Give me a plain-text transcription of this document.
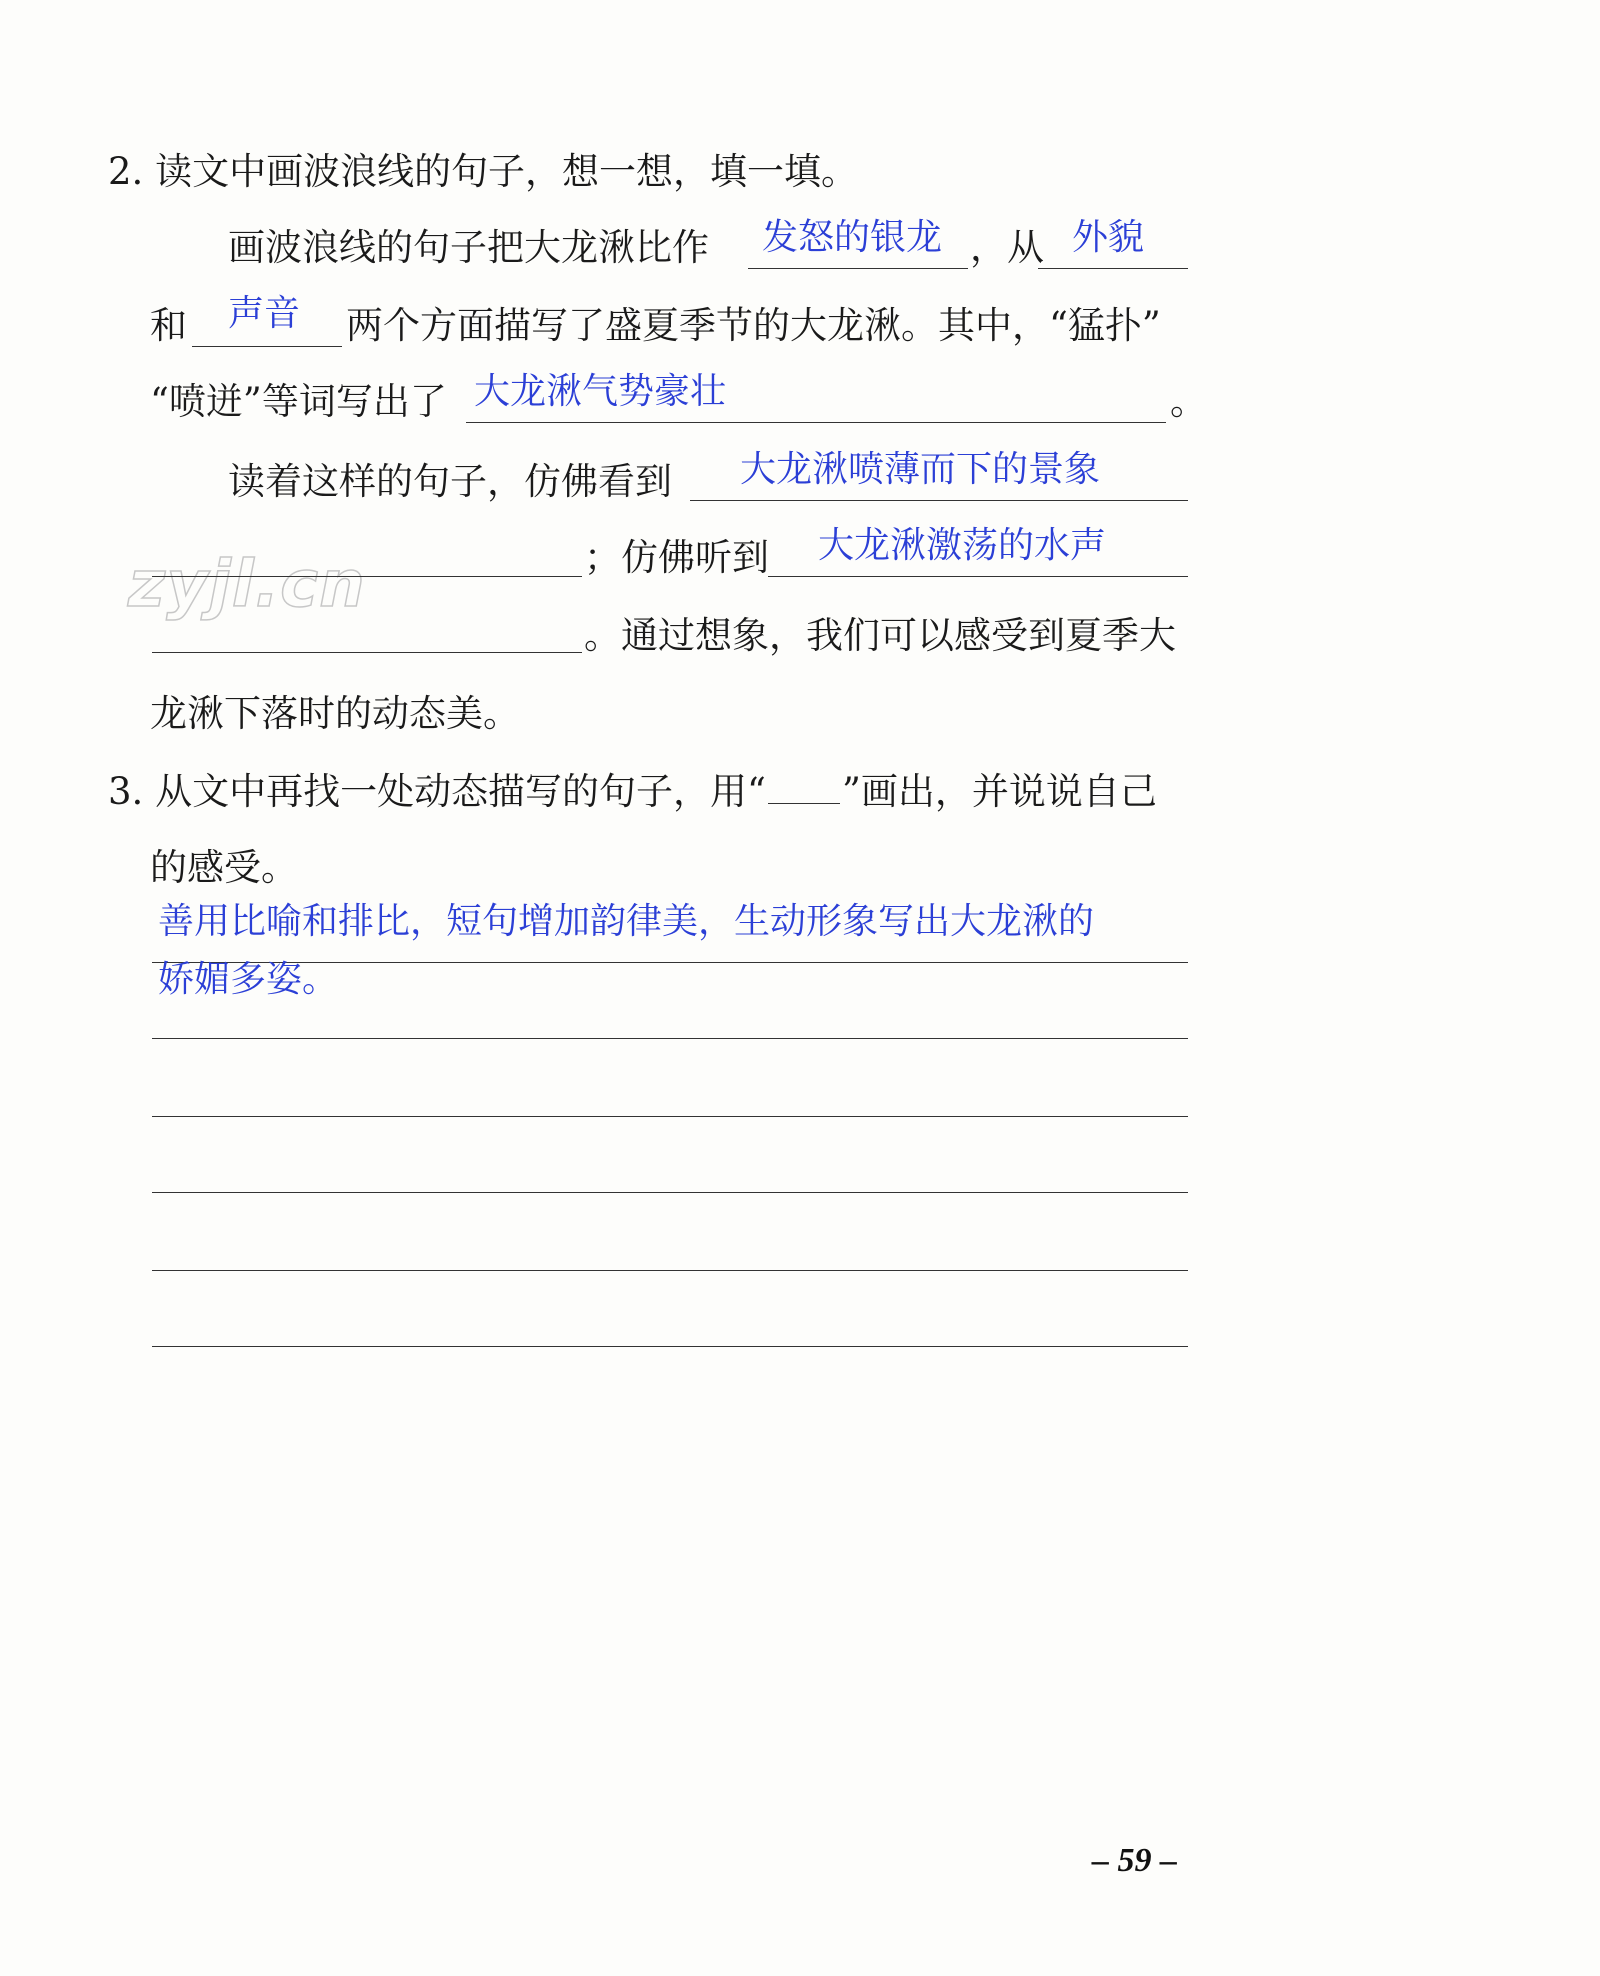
zyjl.cn
2. 读文中画波浪线的句子，想一想，填一填。
画波浪线的句子把大龙湫比作 发怒的银龙 ，从 外貌
和 声音 两个方面描写了盛夏季节的大龙湫。其中，“猛扑”
“喷迸”等词写出了 大龙湫气势豪壮	。
读着这样的句子，仿佛看到 大龙湫喷薄而下的景象
；仿佛听到 大龙湫激荡的水声
。通过想象，我们可以感受到夏季大
龙湫下落时的动态美。
3. 从文中再找一处动态描写的句子，用“ ”画出，并说说自己
的感受。
善用比喻和排比，短句增加韵律美，生动形象写出大龙湫的
娇媚多姿。
– 59 –
